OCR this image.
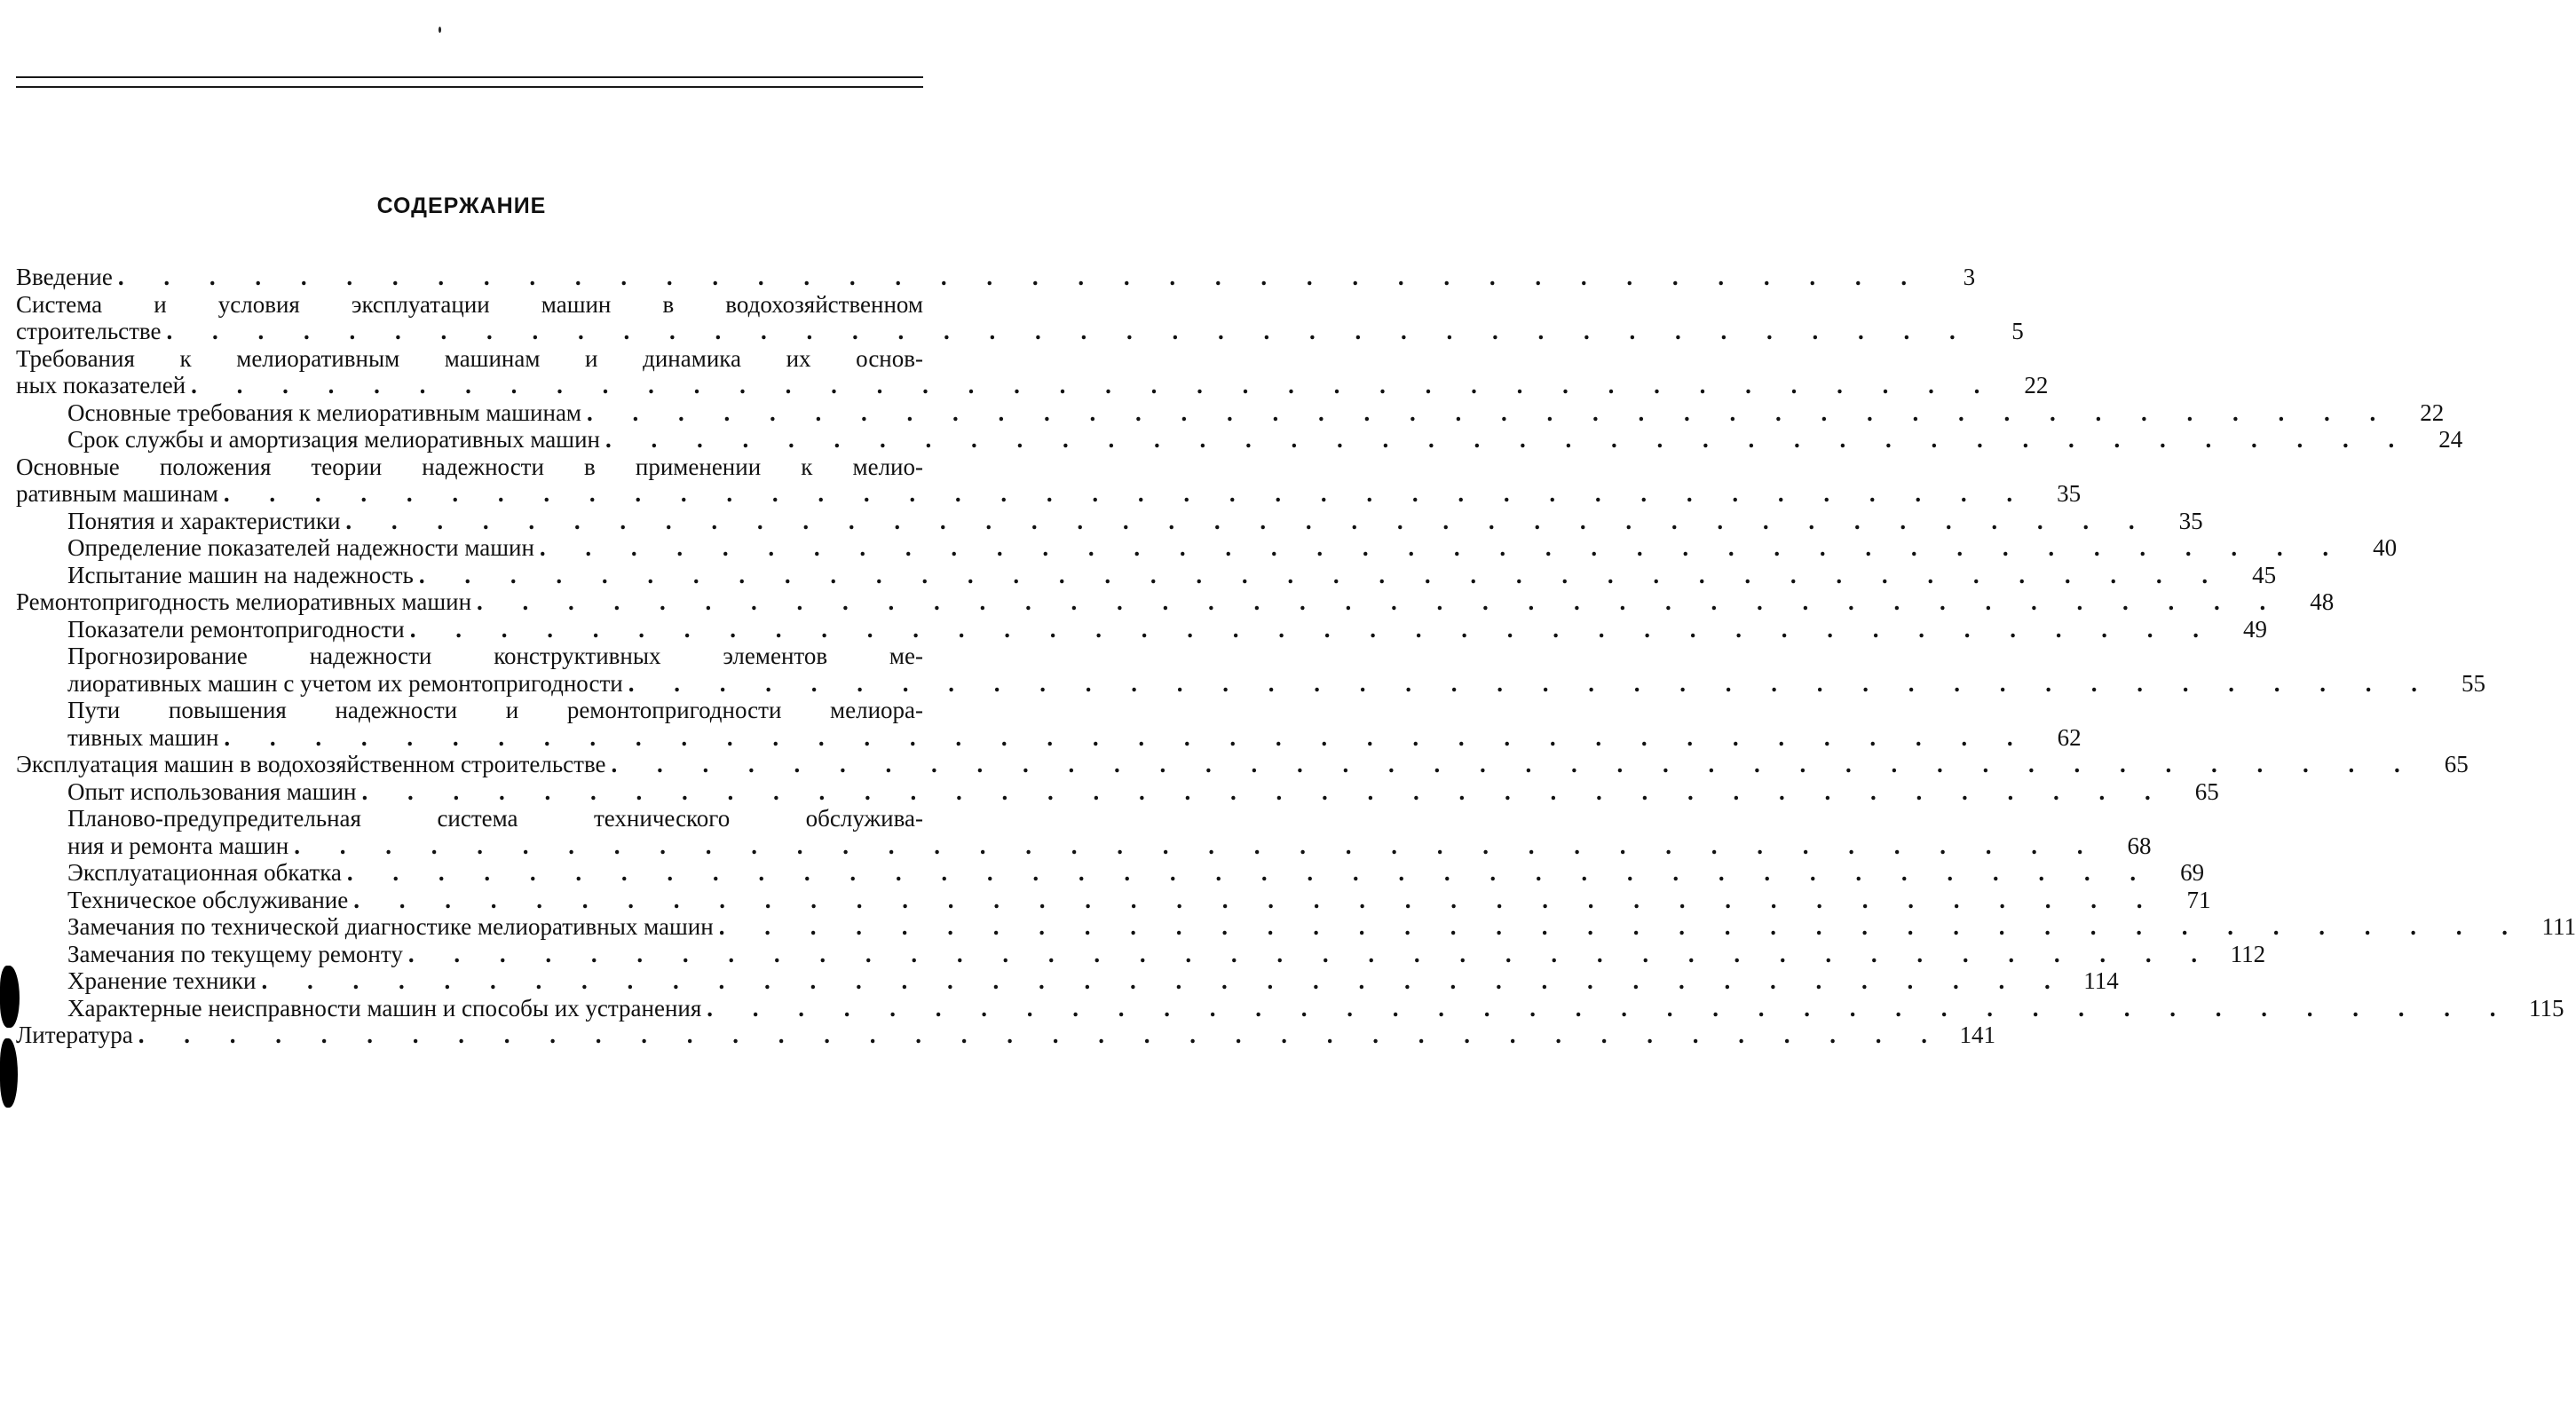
СОДЕРЖАНИЕ
Введение . . . . . . . . . . . . . . . . . . . . . . . . . . . . . . . . . . . . . . . .	3
Система и условия эксплуатации машин в водохозяйственном
строительстве . . . . . . . . . . . . . . . . . . . . . . . . . . . . . . . . . . . . . . . .	5
Требования к мелиоративным машинам и динамика их основ-
ных показателей . . . . . . . . . . . . . . . . . . . . . . . . . . . . . . . . . . . . . . . .	22
Основные требования к мелиоративным машинам . . . . . . . . . . . . . . . . . . . . . . . . . . . . . . . . . . . . . . . .	22
Срок службы и амортизация мелиоративных машин . . . . . . . . . . . . . . . . . . . . . . . . . . . . . . . . . . . . . . . .	24
Основные положения теории надежности в применении к мелио-
ративным машинам . . . . . . . . . . . . . . . . . . . . . . . . . . . . . . . . . . . . . . . .	35
Понятия и характеристики . . . . . . . . . . . . . . . . . . . . . . . . . . . . . . . . . . . . . . . .	35
Определение показателей надежности машин . . . . . . . . . . . . . . . . . . . . . . . . . . . . . . . . . . . . . . . .	40
Испытание машин на надежность . . . . . . . . . . . . . . . . . . . . . . . . . . . . . . . . . . . . . . . .	45
Ремонтопригодность мелиоративных машин . . . . . . . . . . . . . . . . . . . . . . . . . . . . . . . . . . . . . . . .	48
Показатели ремонтопригодности . . . . . . . . . . . . . . . . . . . . . . . . . . . . . . . . . . . . . . . .	49
Прогнозирование надежности конструктивных элементов ме-
лиоративных машин с учетом их ремонтопригодности . . . . . . . . . . . . . . . . . . . . . . . . . . . . . . . . . . . . . . . .	55
Пути повышения надежности и ремонтопригодности мелиора-
тивных машин . . . . . . . . . . . . . . . . . . . . . . . . . . . . . . . . . . . . . . . .	62
Эксплуатация машин в водохозяйственном строительстве . . . . . . . . . . . . . . . . . . . . . . . . . . . . . . . . . . . . . . . .	65
Опыт использования машин . . . . . . . . . . . . . . . . . . . . . . . . . . . . . . . . . . . . . . . .	65
Планово-предупредительная система технического обслужива-
ния и ремонта машин . . . . . . . . . . . . . . . . . . . . . . . . . . . . . . . . . . . . . . . .	68
Эксплуатационная обкатка . . . . . . . . . . . . . . . . . . . . . . . . . . . . . . . . . . . . . . . .	69
Техническое обслуживание . . . . . . . . . . . . . . . . . . . . . . . . . . . . . . . . . . . . . . . .	71
Замечания по технической диагностике мелиоративных машин . . . . . . . . . . . . . . . . . . . . . . . . . . . . . . . . . . . . . . . . 111
Замечания по текущему ремонту . . . . . . . . . . . . . . . . . . . . . . . . . . . . . . . . . . . . . . . . 112
Хранение техники . . . . . . . . . . . . . . . . . . . . . . . . . . . . . . . . . . . . . . . . 114
Характерные неисправности машин и способы их устранения . . . . . . . . . . . . . . . . . . . . . . . . . . . . . . . . . . . . . . . . 115
Литература . . . . . . . . . . . . . . . . . . . . . . . . . . . . . . . . . . . . . . . . 141
